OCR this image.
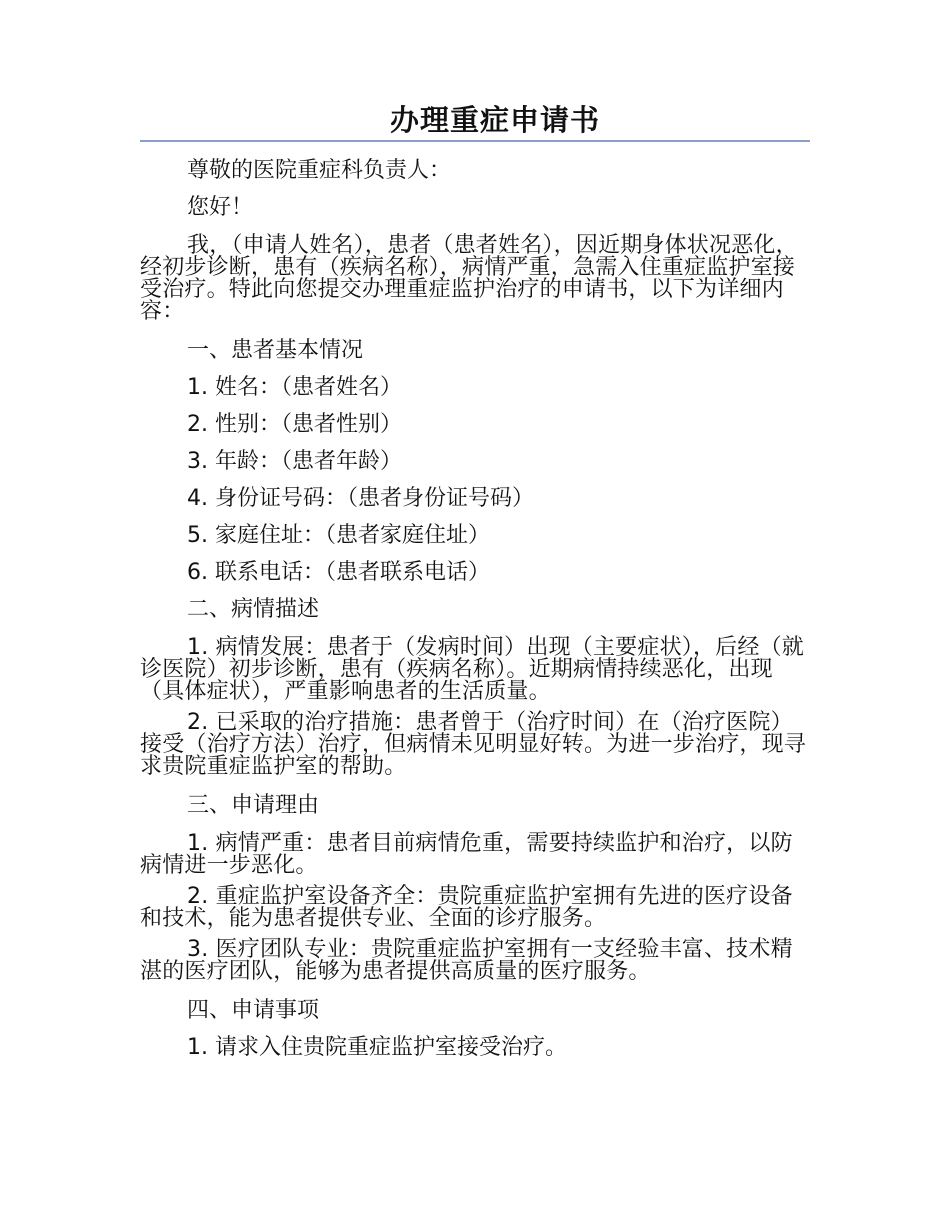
办理重症申请书

尊敬的医院重症科负责人：

您好！

我，（申请人姓名），患者（患者姓名），因近期身体状况恶化，经初步诊断，患有（疾病名称），病情严重，急需入住重症监护室接受治疗。特此向您提交办理重症监护治疗的申请书，以下为详细内容：

一、患者基本情况

1. 姓名：（患者姓名）

2. 性别：（患者性别）

3. 年龄：（患者年龄）

4. 身份证号码：（患者身份证号码）

5. 家庭住址：（患者家庭住址）

6. 联系电话：（患者联系电话）

二、病情描述

1. 病情发展：患者于（发病时间）出现（主要症状），后经（就诊医院）初步诊断，患有（疾病名称）。近期病情持续恶化，出现（具体症状），严重影响患者的生活质量。

2. 已采取的治疗措施：患者曾于（治疗时间）在（治疗医院）接受（治疗方法）治疗，但病情未见明显好转。为进一步治疗，现寻求贵院重症监护室的帮助。

三、申请理由

1. 病情严重：患者目前病情危重，需要持续监护和治疗，以防病情进一步恶化。

2. 重症监护室设备齐全：贵院重症监护室拥有先进的医疗设备和技术，能为患者提供专业、全面的诊疗服务。

3. 医疗团队专业：贵院重症监护室拥有一支经验丰富、技术精湛的医疗团队，能够为患者提供高质量的医疗服务。

四、申请事项

1. 请求入住贵院重症监护室接受治疗。
